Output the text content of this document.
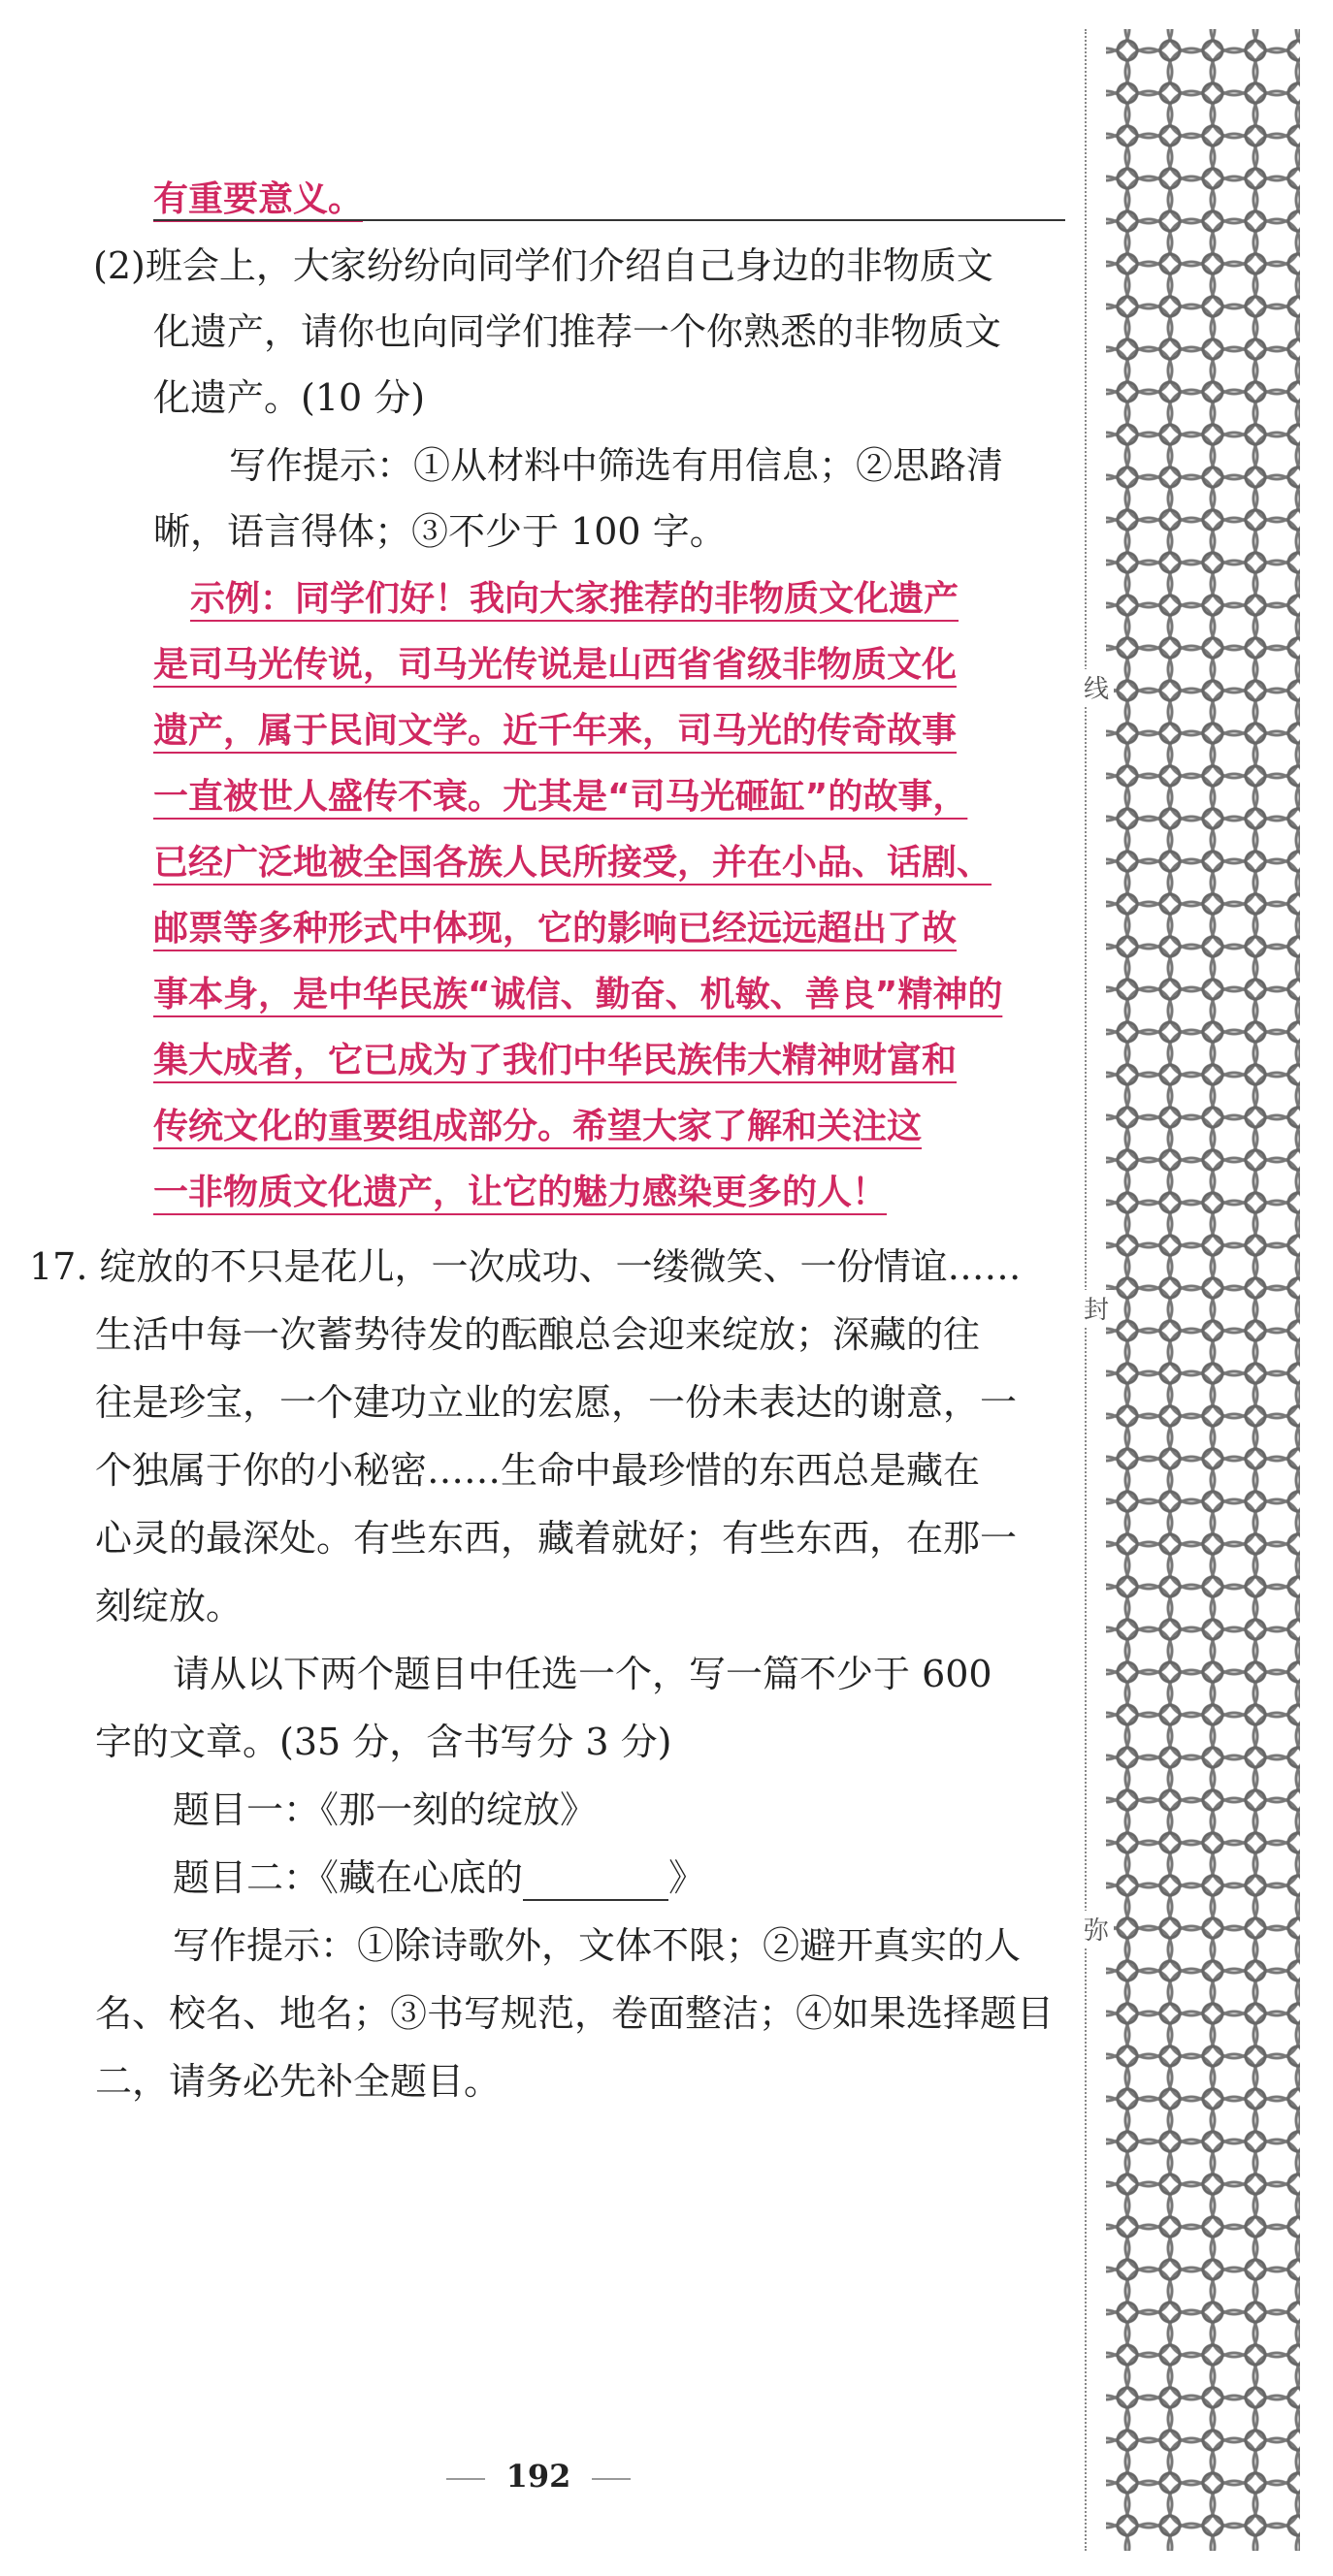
有重要意义。
(2)班会上，大家纷纷向同学们介绍自己身边的非物质文
化遗产，请你也向同学们推荐一个你熟悉的非物质文
化遗产。(10 分)
写作提示：①从材料中筛选有用信息；②思路清
晰，语言得体；③不少于 100 字。
示例：同学们好！我向大家推荐的非物质文化遗产
是司马光传说，司马光传说是山西省省级非物质文化
遗产，属于民间文学。近千年来，司马光的传奇故事
一直被世人盛传不衰。尤其是“司马光砸缸”的故事，
已经广泛地被全国各族人民所接受，并在小品、话剧、
邮票等多种形式中体现，它的影响已经远远超出了故
事本身，是中华民族“诚信、勤奋、机敏、善良”精神的
集大成者，它已成为了我们中华民族伟大精神财富和
传统文化的重要组成部分。希望大家了解和关注这
一非物质文化遗产，让它的魅力感染更多的人！
17. 绽放的不只是花儿，一次成功、一缕微笑、一份情谊……
生活中每一次蓄势待发的酝酿总会迎来绽放；深藏的往
往是珍宝，一个建功立业的宏愿，一份未表达的谢意，一
个独属于你的小秘密……生命中最珍惜的东西总是藏在
心灵的最深处。有些东西，藏着就好；有些东西，在那一
刻绽放。
请从以下两个题目中任选一个，写一篇不少于 600
字的文章。(35 分，含书写分 3 分)
题目一：《那一刻的绽放》
题目二：《藏在心底的	》
写作提示：①除诗歌外，文体不限；②避开真实的人
名、校名、地名；③书写规范，卷面整洁；④如果选择题目
二，请务必先补全题目。
线
封
弥
192
